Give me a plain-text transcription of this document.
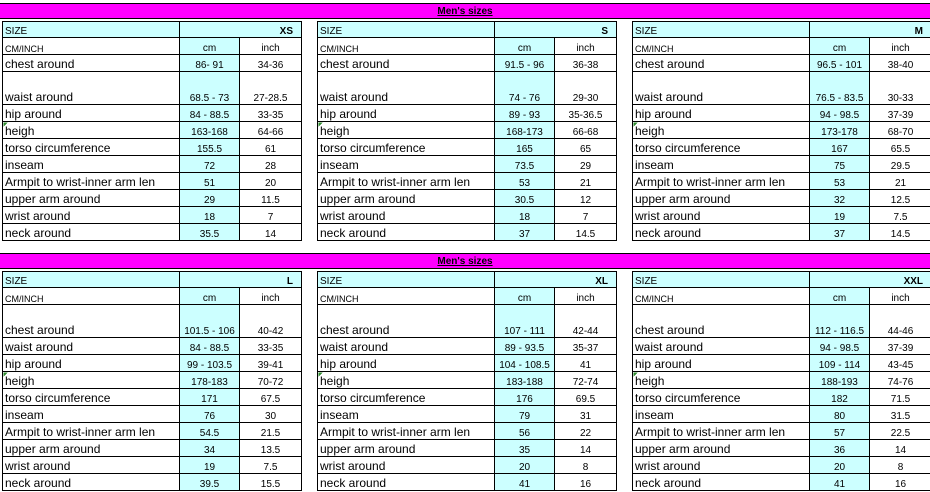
Men's sizes
SIZE	XS	
CM/INCH	cm	inch
chest around	86- 91	34-36
waist around	68.5 - 73	27-28.5
hip around	84 - 88.5	33-35
heigh	163-168	64-66
torso circumference	155.5	61
inseam	72	28
Armpit to wrist-inner arm len	51	20
upper arm around	29	11.5
wrist around	18	7
neck around	35.5	14
SIZE	S	
CM/INCH	cm	inch
chest around	91.5 - 96	36-38
waist around	74 - 76	29-30
hip around	89 - 93	35-36.5
heigh	168-173	66-68
torso circumference	165	65
inseam	73.5	29
Armpit to wrist-inner arm len	53	21
upper arm around	30.5	12
wrist around	18	7
neck around	37	14.5
SIZE	M	
CM/INCH	cm	inch
chest around	96.5 - 101	38-40
waist around	76.5 - 83.5	30-33
hip around	94 - 98.5	37-39
heigh	173-178	68-70
torso circumference	167	65.5
inseam	75	29.5
Armpit to wrist-inner arm len	53	21
upper arm around	32	12.5
wrist around	19	7.5
neck around	37	14.5
Men's sizes
SIZE	L	
CM/INCH	cm	inch
chest around	101.5 - 106	40-42
waist around	84 - 88.5	33-35
hip around	99 - 103.5	39-41
heigh	178-183	70-72
torso circumference	171	67.5
inseam	76	30
Armpit to wrist-inner arm len	54.5	21.5
upper arm around	34	13.5
wrist around	19	7.5
neck around	39.5	15.5
SIZE	XL	
CM/INCH	cm	inch
chest around	107 - 111	42-44
waist around	89 - 93.5	35-37
hip around	104 - 108.5	41
heigh	183-188	72-74
torso circumference	176	69.5
inseam	79	31
Armpit to wrist-inner arm len	56	22
upper arm around	35	14
wrist around	20	8
neck around	41	16
SIZE	XXL	
CM/INCH	cm	inch
chest around	112 - 116.5	44-46
waist around	94 - 98.5	37-39
hip around	109 - 114	43-45
heigh	188-193	74-76
torso circumference	182	71.5
inseam	80	31.5
Armpit to wrist-inner arm len	57	22.5
upper arm around	36	14
wrist around	20	8
neck around	41	16
